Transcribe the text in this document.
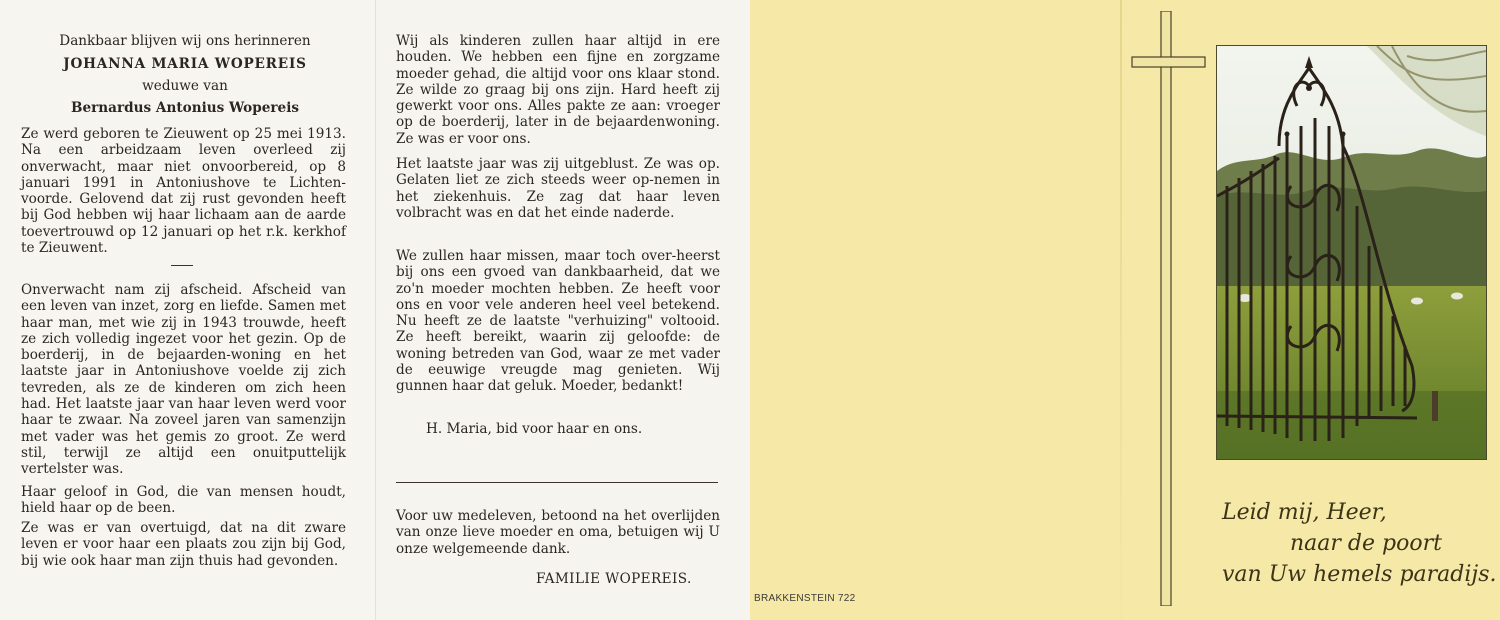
Dankbaar blijven wij ons herinneren
JOHANNA MARIA WOPEREIS
weduwe van
Bernardus Antonius Wopereis
Ze werd geboren te Zieuwent op 25 mei 1913. Na een arbeidzaam leven overleed zij onverwacht, maar niet onvoorbereid, op 8 januari 1991 in Antoniushove te Lichten-voorde. Gelovend dat zij rust gevonden heeft bij God hebben wij haar lichaam aan de aarde toevertrouwd op 12 januari op het r.k. kerkhof te Zieuwent.
Onverwacht nam zij afscheid. Afscheid van een leven van inzet, zorg en liefde. Samen met haar man, met wie zij in 1943 trouwde, heeft ze zich volledig ingezet voor het gezin. Op de boerderij, in de bejaarden-woning en het laatste jaar in Antoniushove voelde zij zich tevreden, als ze de kinderen om zich heen had. Het laatste jaar van haar leven werd voor haar te zwaar. Na zoveel jaren van samenzijn met vader was het gemis zo groot. Ze werd stil, terwijl ze altijd een onuitputtelijk vertelster was.
Haar geloof in God, die van mensen houdt, hield haar op de been.
Ze was er van overtuigd, dat na dit zware leven er voor haar een plaats zou zijn bij God, bij wie ook haar man zijn thuis had gevonden.
Wij als kinderen zullen haar altijd in ere houden. We hebben een fijne en zorgzame moeder gehad, die altijd voor ons klaar stond. Ze wilde zo graag bij ons zijn. Hard heeft zij gewerkt voor ons. Alles pakte ze aan: vroeger op de boerderij, later in de bejaardenwoning. Ze was er voor ons.
Het laatste jaar was zij uitgeblust. Ze was op. Gelaten liet ze zich steeds weer op-nemen in het ziekenhuis. Ze zag dat haar leven volbracht was en dat het einde naderde.
We zullen haar missen, maar toch over-heerst bij ons een gvoed van dankbaarheid, dat we zo'n moeder mochten hebben. Ze heeft voor ons en voor vele anderen heel veel betekend. Nu heeft ze de laatste "verhuizing" voltooid. Ze heeft bereikt, waarin zij geloofde: de woning betreden van God, waar ze met vader de eeuwige vreugde mag genieten. Wij gunnen haar dat geluk. Moeder, bedankt!
H. Maria, bid voor haar en ons.
Voor uw medeleven, betoond na het overlijden van onze lieve moeder en oma, betuigen wij U onze welgemeende dank.
FAMILIE WOPEREIS.
BRAKKENSTEIN 722
Leid mij, Heer,
naar de poort
van Uw hemels paradijs.
